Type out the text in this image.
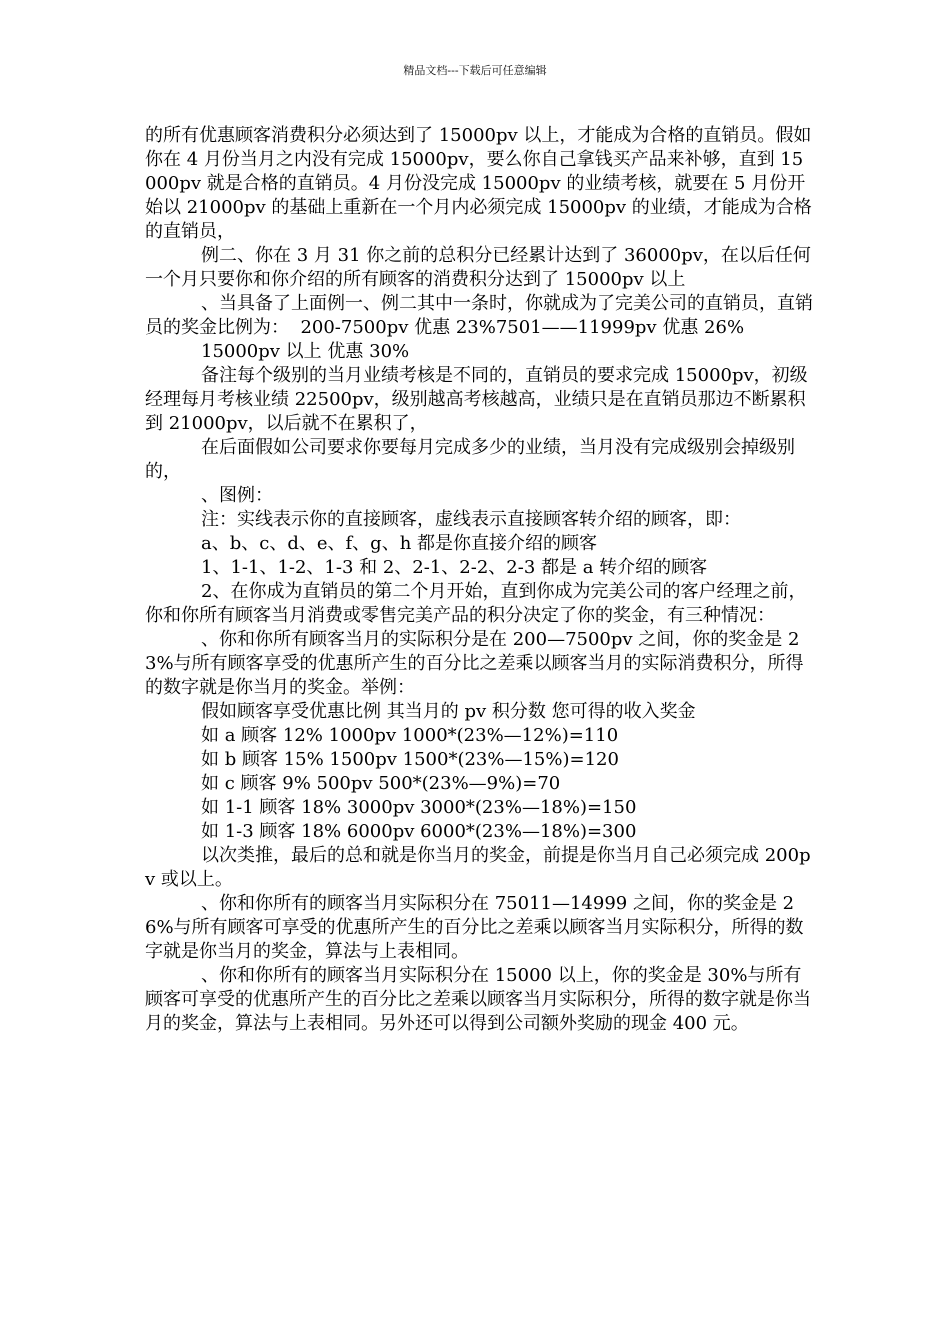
精品文档---下载后可任意编辑

的所有优惠顾客消费积分必须达到了 15000pv 以上，才能成为合格的直销员。假如你在 4 月份当月之内没有完成 15000pv，要么你自己拿钱买产品来补够，直到 15000pv 就是合格的直销员。4 月份没完成 15000pv 的业绩考核，就要在 5 月份开始以 21000pv 的基础上重新在一个月内必须完成 15000pv 的业绩，才能成为合格的直销员，

例二、你在 3 月 31 你之前的总积分已经累计达到了 36000pv，在以后任何一个月只要你和你介绍的所有顾客的消费积分达到了 15000pv 以上

、当具备了上面例一、例二其中一条时，你就成为了完美公司的直销员，直销员的奖金比例为：  200-7500pv 优惠 23%7501——11999pv 优惠 26%

15000pv 以上 优惠 30%

备注每个级别的当月业绩考核是不同的，直销员的要求完成 15000pv，初级经理每月考核业绩 22500pv，级别越高考核越高，业绩只是在直销员那边不断累积到 21000pv，以后就不在累积了，

在后面假如公司要求你要每月完成多少的业绩，当月没有完成级别会掉级别的，

、图例：

注：实线表示你的直接顾客，虚线表示直接顾客转介绍的顾客，即：

a、b、c、d、e、f、g、h 都是你直接介绍的顾客

1、1-1、1-2、1-3 和 2、2-1、2-2、2-3 都是 a 转介绍的顾客

2、在你成为直销员的第二个月开始，直到你成为完美公司的客户经理之前，你和你所有顾客当月消费或零售完美产品的积分决定了你的奖金，有三种情况：

、你和你所有顾客当月的实际积分是在 200—7500pv 之间，你的奖金是 23%与所有顾客享受的优惠所产生的百分比之差乘以顾客当月的实际消费积分，所得的数字就是你当月的奖金。举例：

假如顾客享受优惠比例 其当月的 pv 积分数 您可得的收入奖金

如 a 顾客 12% 1000pv 1000*(23%—12%)=110

如 b 顾客 15% 1500pv 1500*(23%—15%)=120

如 c 顾客 9% 500pv 500*(23%—9%)=70

如 1-1 顾客 18% 3000pv 3000*(23%—18%)=150

如 1-3 顾客 18% 6000pv 6000*(23%—18%)=300

以次类推，最后的总和就是你当月的奖金，前提是你当月自己必须完成 200pv 或以上。

、你和你所有的顾客当月实际积分在 75011—14999 之间，你的奖金是 26%与所有顾客可享受的优惠所产生的百分比之差乘以顾客当月实际积分，所得的数字就是你当月的奖金，算法与上表相同。

、你和你所有的顾客当月实际积分在 15000 以上，你的奖金是 30%与所有顾客可享受的优惠所产生的百分比之差乘以顾客当月实际积分，所得的数字就是你当月的奖金，算法与上表相同。另外还可以得到公司额外奖励的现金 400 元。
